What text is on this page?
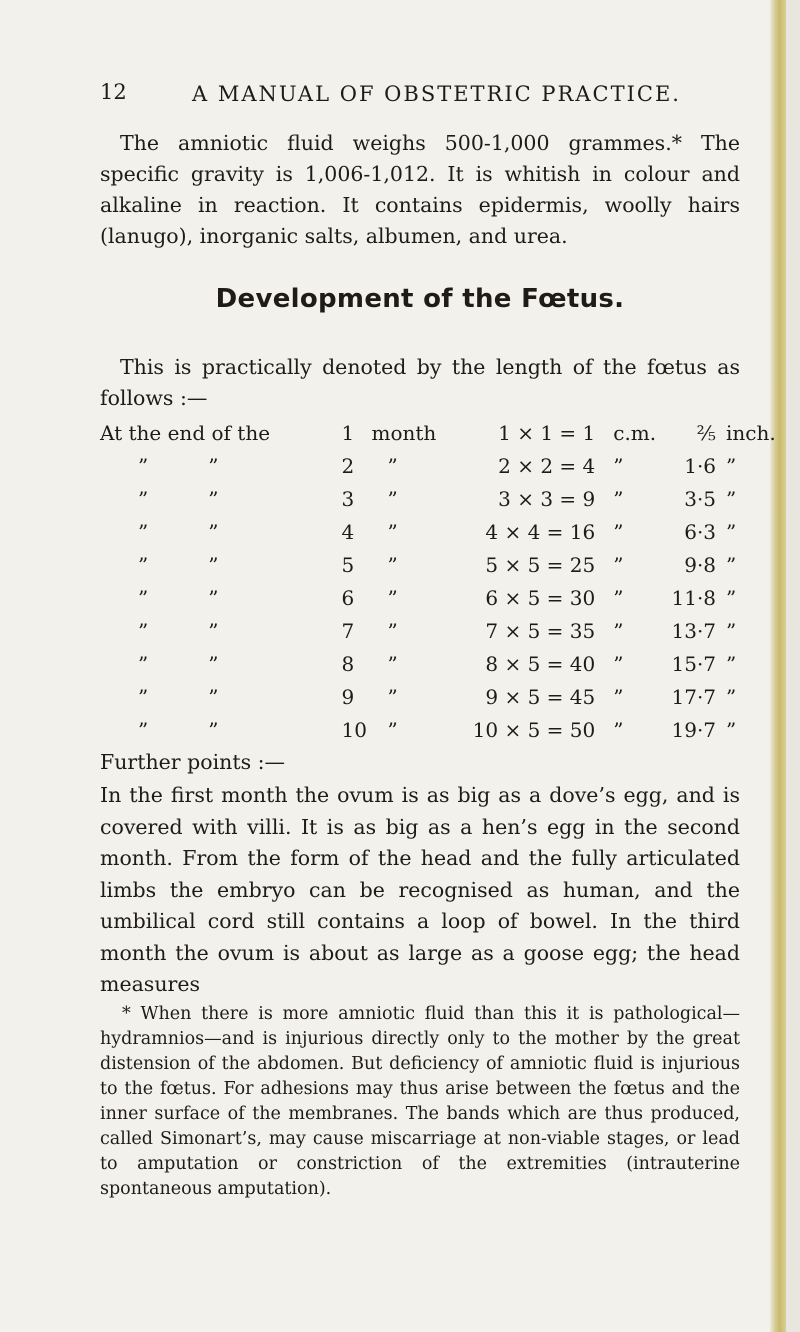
12	A MANUAL OF OBSTETRIC PRACTICE.
The amniotic fluid weighs 500-1,000 grammes.* The specific gravity is 1,006-1,012. It is whitish in colour and alkaline in reaction. It contains epidermis, woolly hairs (lanugo), inorganic salts, albumen, and urea.
Development of the Fœtus.
This is practically denoted by the length of the fœtus as follows :—
At the end of the	1	month	1 × 1 = 1	c.m.	⅖	inch.
” ”	2	”	2 × 2 = 4	”	1·6	”
” ”	3	”	3 × 3 = 9	”	3·5	”
” ”	4	”	4 × 4 = 16	”	6·3	”
” ”	5	”	5 × 5 = 25	”	9·8	”
” ”	6	”	6 × 5 = 30	”	11·8	”
” ”	7	”	7 × 5 = 35	”	13·7	”
” ”	8	”	8 × 5 = 40	”	15·7	”
” ”	9	”	9 × 5 = 45	”	17·7	”
” ”	10	”	10 × 5 = 50	”	19·7	”
Further points :—
In the first month the ovum is as big as a dove’s egg, and is covered with villi. It is as big as a hen’s egg in the second month. From the form of the head and the fully articulated limbs the embryo can be recognised as human, and the umbilical cord still contains a loop of bowel. In the third month the ovum is about as large as a goose egg; the head measures
* When there is more amniotic fluid than this it is pathological—hydramnios—and is injurious directly only to the mother by the great distension of the abdomen. But deficiency of amniotic fluid is injurious to the fœtus. For adhesions may thus arise between the fœtus and the inner surface of the membranes. The bands which are thus produced, called Simonart’s, may cause miscarriage at non-viable stages, or lead to amputation or constriction of the extremities (intrauterine spontaneous amputation).
